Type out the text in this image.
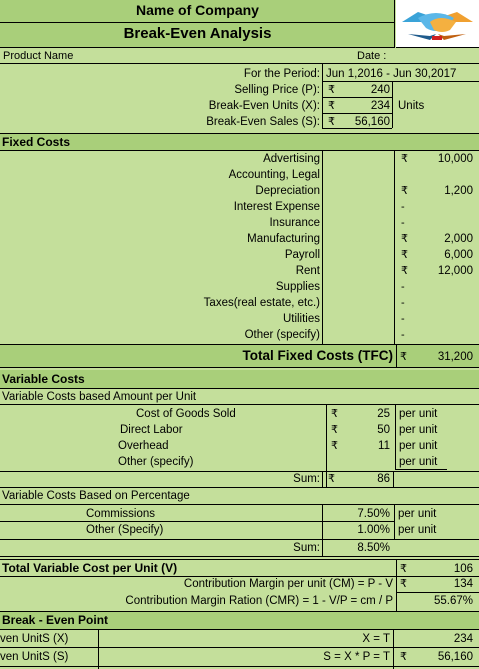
Name of Company
Break-Even Analysis
Product Name	Date :
For the Period: Jun 1,2016 - Jun 30,2017
Selling Price (P): ₹	240
Break-Even Units (X): ₹	234 Units
Break-Even Sales (S): ₹	56,160
Fixed Costs
Advertising	₹	10,000
Accounting, Legal
Depreciation	₹	1,200
Interest Expense	-
Insurance	-
Manufacturing	₹	2,000
Payroll	₹	6,000
Rent	₹	12,000
Supplies	-
Taxes(real estate, etc.)	-
Utilities	-
Other (specify)	-
Total Fixed Costs (TFC) ₹	31,200
Variable Costs
Variable Costs based Amount per Unit
Cost of Goods Sold	₹	25 per unit
Direct Labor	₹	50 per unit
Overhead	₹	11 per unit
Other (specify)	per unit
Sum: ₹	86
Variable Costs Based on Percentage
Commissions	7.50% per unit
Other (Specify)	1.00% per unit
Sum:	8.50%
Total Variable Cost per Unit (V)	₹	106
Contribution Margin per unit (CM) = P - V ₹	134
Contribution Margin Ration (CMR) = 1 - V/P = cm / P	55.67%
Break - Even Point
ven UnitS (X)	X = T	234
ven UnitS (S)	S = X * P = T ₹	56,160
